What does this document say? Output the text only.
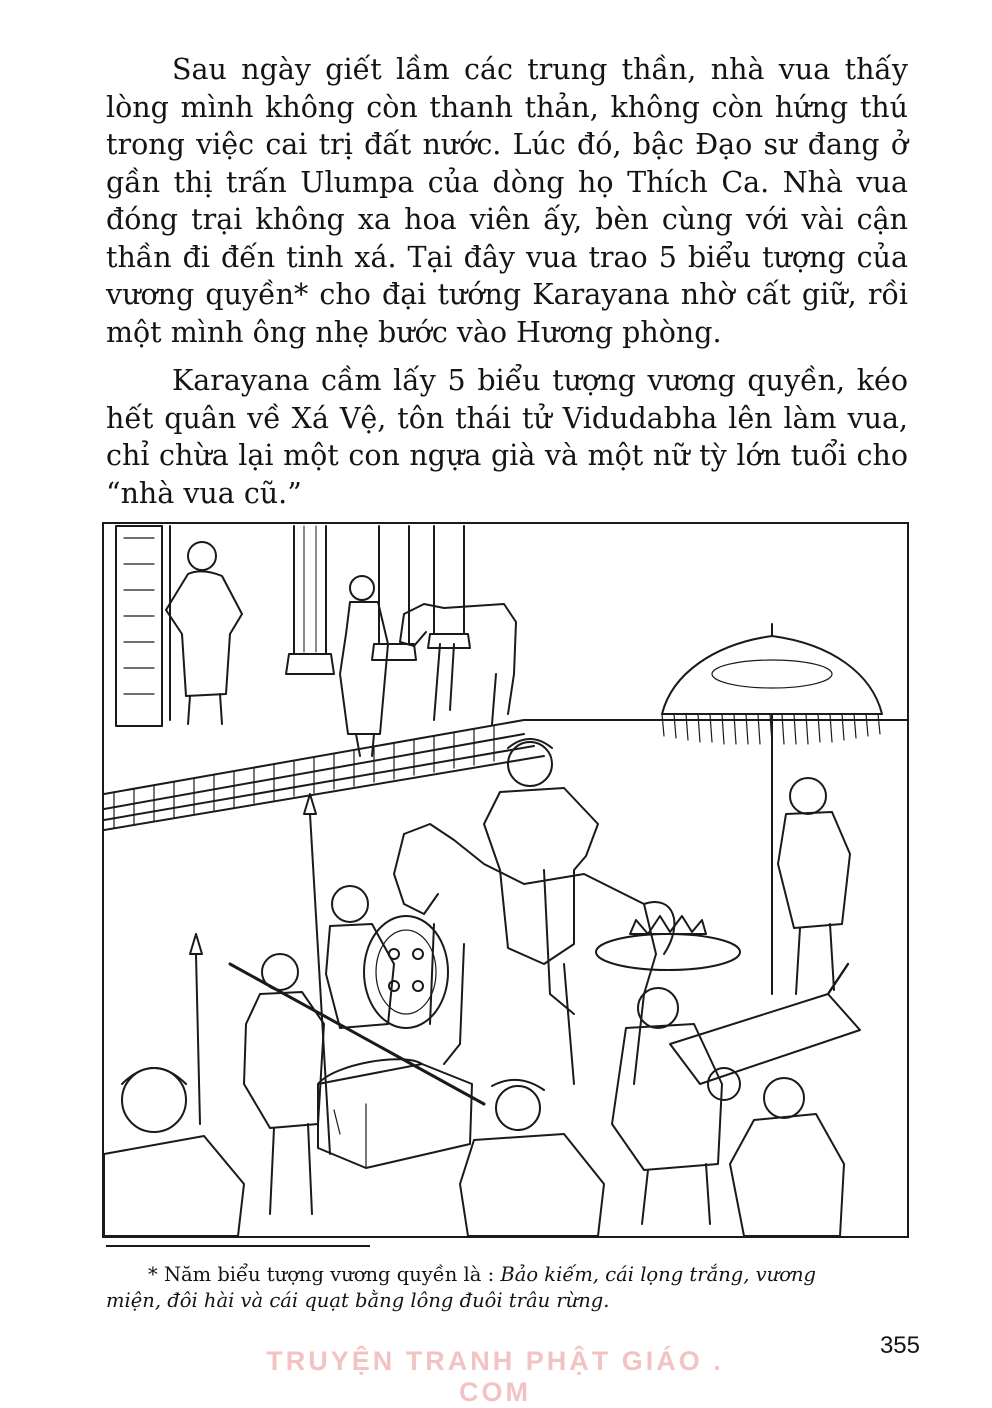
Sau ngày giết lầm các trung thần, nhà vua thấy
lòng mình không còn thanh thản, không còn hứng thú
trong việc cai trị đất nước. Lúc đó, bậc Đạo sư đang ở
gần thị trấn Ulumpa của dòng họ Thích Ca. Nhà vua
đóng trại không xa hoa viên ấy, bèn cùng với vài cận
thần đi đến tinh xá. Tại đây vua trao 5 biểu tượng của
vương quyền* cho đại tướng Karayana nhờ cất giữ, rồi
một mình ông nhẹ bước vào Hương phòng.
Karayana cầm lấy 5 biểu tượng vương quyền, kéo
hết quân về Xá Vệ, tôn thái tử Vidudabha lên làm vua,
chỉ chừa lại một con ngựa già và một nữ tỳ lớn tuổi cho
“nhà vua cũ.”

* Năm biểu tượng vương quyền là : Bảo kiếm, cái lọng trắng, vương
miện, đôi hài và cái quạt bằng lông đuôi trâu rừng.

TRUYỆN TRANH PHẬT GIÁO . COM
355
